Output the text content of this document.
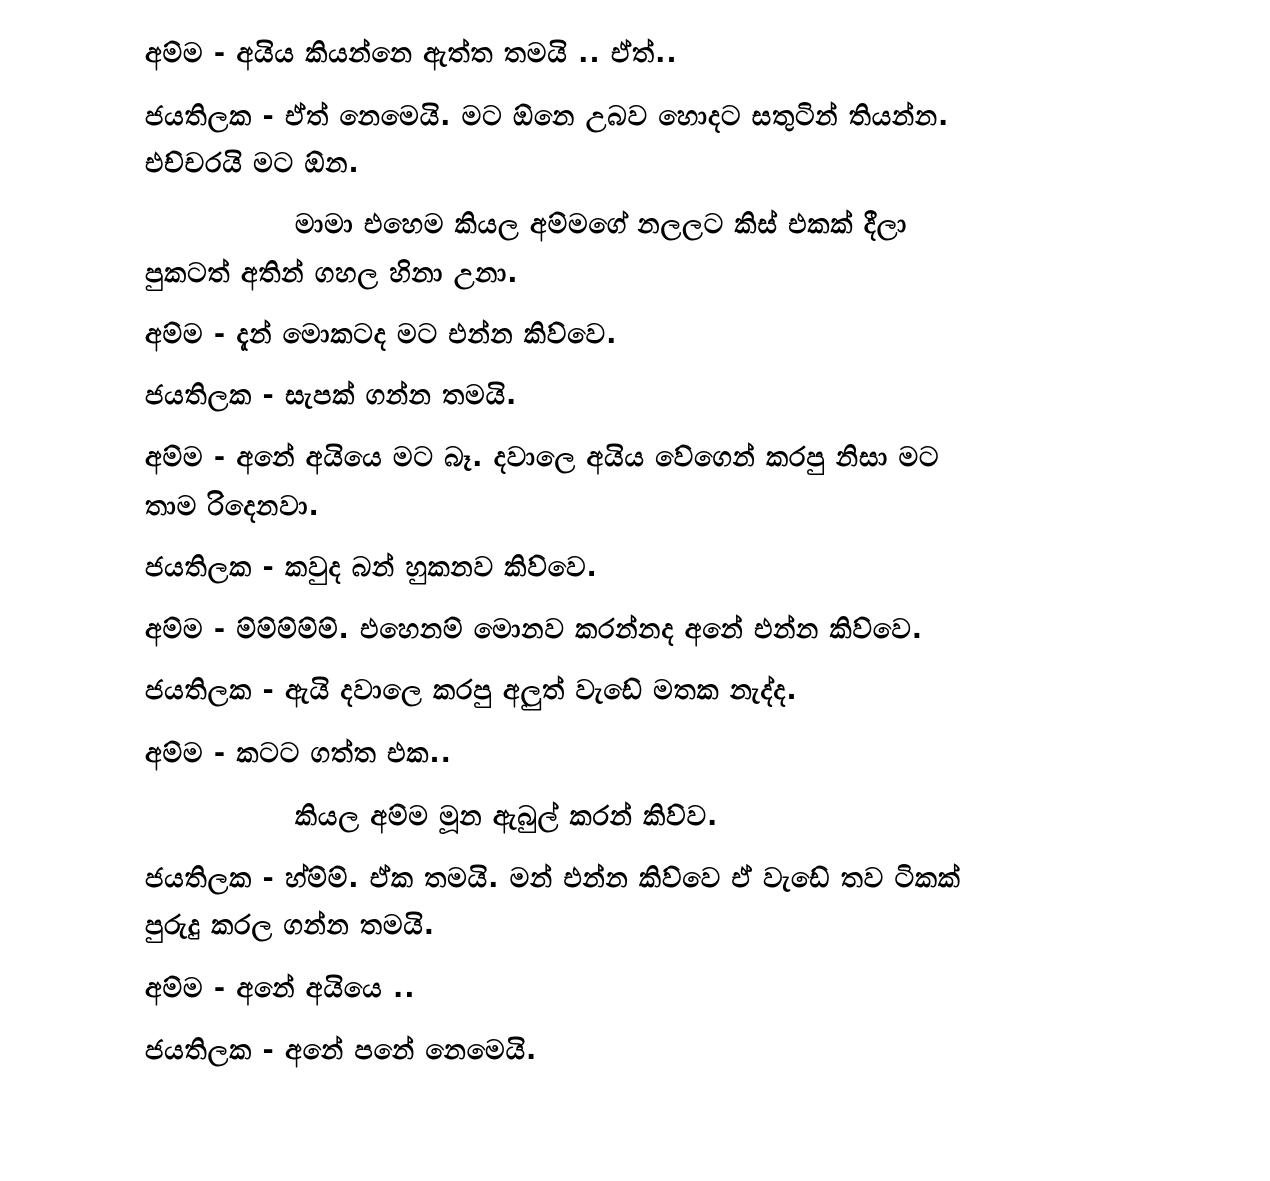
අම්ම - අයිය කියන්නෙ ඇත්ත තමයි .. ඒත්..
ජයතිලක - ඒත් නෙමෙයි. මට ඕනෙ උබව හොදට සතුටින් තියන්න.
එච්චරයි මට ඕන.
මාමා එහෙම කියල අම්මගේ නලලට කිස් එකක් දීලා
පුකටත් අතින් ගහල හිනා උනා.
අම්ම - දැන් මොකටද මට එන්න කිව්වෙ.
ජයතිලක - සැපක් ගන්න තමයි.
අම්ම - අනේ අයියෙ මට බෑ. දවාලෙ අයිය වේගෙන් කරපු නිසා මට
තාම රිදෙනවා.
ජයතිලක - කවුද බන් හුකනව කිව්වෙ.
අම්ම - ම්ම්ම්ම්ම්. එහෙනම් මොනව කරන්නද අනේ එන්න කිව්වෙ.
ජයතිලක - ඇයි දවාලෙ කරපු අලුත් වැඩේ මතක නැද්ද.
අම්ම - කටට ගත්ත එක..
කියල අම්ම මූන ඇබුල් කරන් කිව්ව.
ජයතිලක - හ්ම්ම්. ඒක තමයි. මන් එන්න කිව්වෙ ඒ වැඩේ තව ටිකක්
පුරුදු කරල ගන්න තමයි.
අම්ම - අනේ අයියෙ ..
ජයතිලක - අනේ පනේ නෙමෙයි.
